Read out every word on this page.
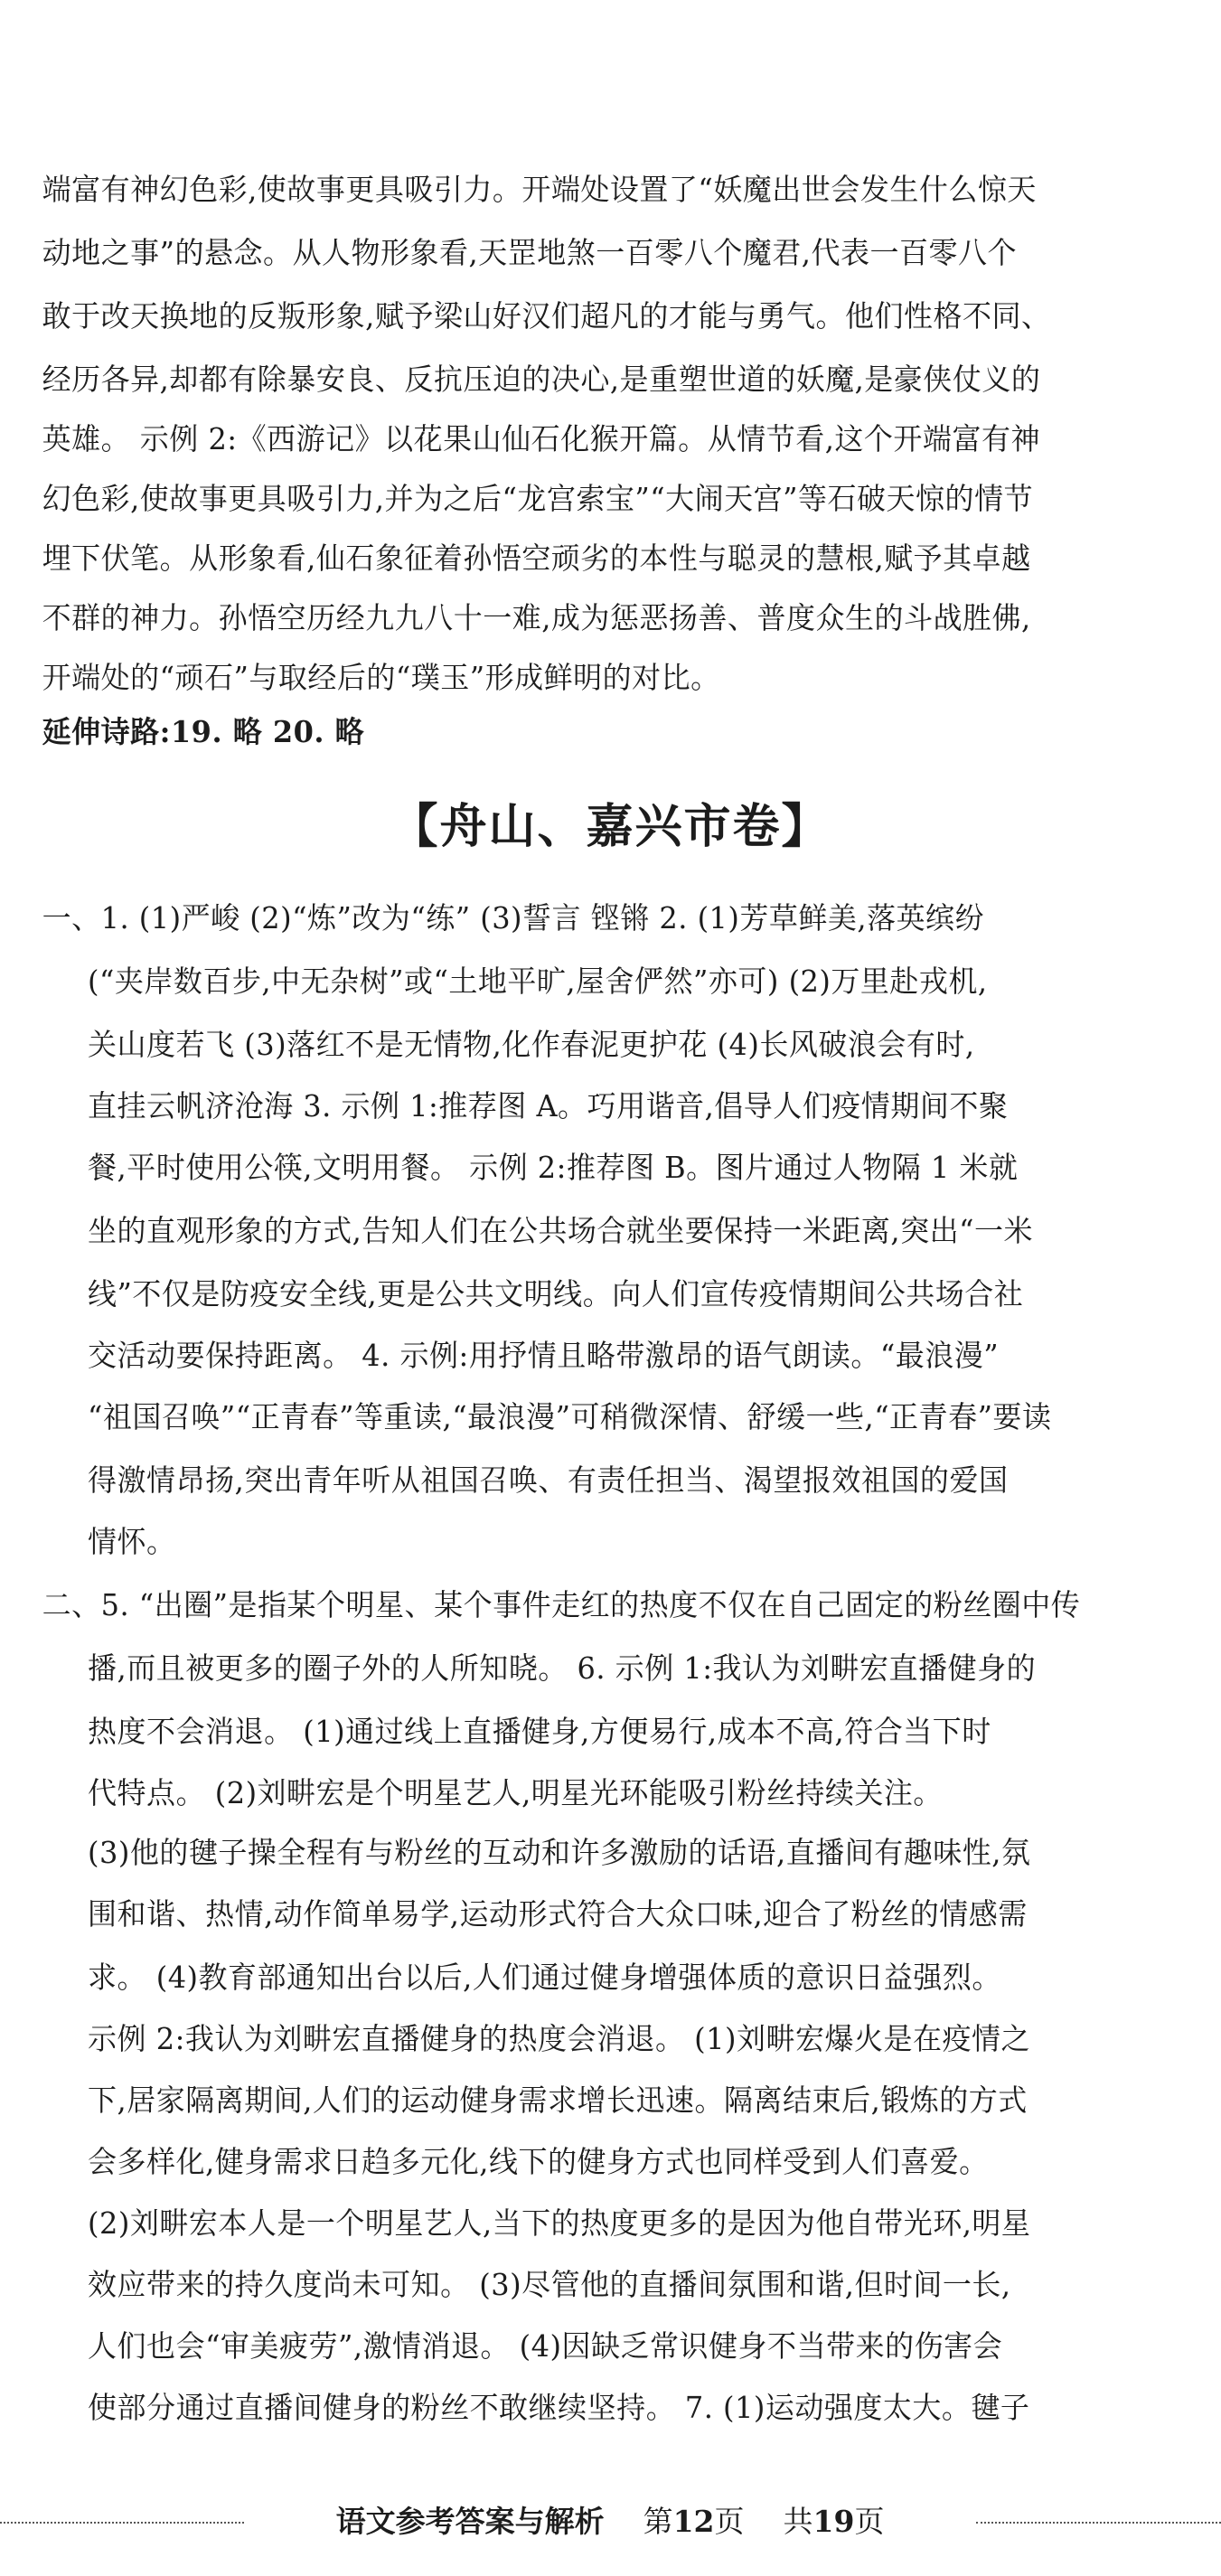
端富有神幻色彩,使故事更具吸引力。开端处设置了“妖魔出世会发生什么惊天
动地之事”的悬念。从人物形象看,天罡地煞一百零八个魔君,代表一百零八个
敢于改天换地的反叛形象,赋予梁山好汉们超凡的才能与勇气。他们性格不同、
经历各异,却都有除暴安良、反抗压迫的决心,是重塑世道的妖魔,是豪侠仗义的
英雄。 示例 2:《西游记》以花果山仙石化猴开篇。从情节看,这个开端富有神
幻色彩,使故事更具吸引力,并为之后“龙宫索宝”“大闹天宫”等石破天惊的情节
埋下伏笔。从形象看,仙石象征着孙悟空顽劣的本性与聪灵的慧根,赋予其卓越
不群的神力。孙悟空历经九九八十一难,成为惩恶扬善、普度众生的斗战胜佛,
开端处的“顽石”与取经后的“璞玉”形成鲜明的对比。
延伸诗路:19. 略 20. 略
【舟山、嘉兴市卷】
一、1. (1)严峻 (2)“炼”改为“练” (3)誓言 铿锵 2. (1)芳草鲜美,落英缤纷
(“夹岸数百步,中无杂树”或“土地平旷,屋舍俨然”亦可) (2)万里赴戎机,
关山度若飞 (3)落红不是无情物,化作春泥更护花 (4)长风破浪会有时,
直挂云帆济沧海 3. 示例 1:推荐图 A。巧用谐音,倡导人们疫情期间不聚
餐,平时使用公筷,文明用餐。 示例 2:推荐图 B。图片通过人物隔 1 米就
坐的直观形象的方式,告知人们在公共场合就坐要保持一米距离,突出“一米
线”不仅是防疫安全线,更是公共文明线。向人们宣传疫情期间公共场合社
交活动要保持距离。 4. 示例:用抒情且略带激昂的语气朗读。“最浪漫”
“祖国召唤”“正青春”等重读,“最浪漫”可稍微深情、舒缓一些,“正青春”要读
得激情昂扬,突出青年听从祖国召唤、有责任担当、渴望报效祖国的爱国
情怀。
二、5. “出圈”是指某个明星、某个事件走红的热度不仅在自己固定的粉丝圈中传
播,而且被更多的圈子外的人所知晓。 6. 示例 1:我认为刘畊宏直播健身的
热度不会消退。 (1)通过线上直播健身,方便易行,成本不高,符合当下时
代特点。 (2)刘畊宏是个明星艺人,明星光环能吸引粉丝持续关注。
(3)他的毽子操全程有与粉丝的互动和许多激励的话语,直播间有趣味性,氛
围和谐、热情,动作简单易学,运动形式符合大众口味,迎合了粉丝的情感需
求。 (4)教育部通知出台以后,人们通过健身增强体质的意识日益强烈。
示例 2:我认为刘畊宏直播健身的热度会消退。 (1)刘畊宏爆火是在疫情之
下,居家隔离期间,人们的运动健身需求增长迅速。隔离结束后,锻炼的方式
会多样化,健身需求日趋多元化,线下的健身方式也同样受到人们喜爱。
(2)刘畊宏本人是一个明星艺人,当下的热度更多的是因为他自带光环,明星
效应带来的持久度尚未可知。 (3)尽管他的直播间氛围和谐,但时间一长,
人们也会“审美疲劳”,激情消退。 (4)因缺乏常识健身不当带来的伤害会
使部分通过直播间健身的粉丝不敢继续坚持。 7. (1)运动强度太大。毽子
语文参考答案与解析 第12页 共19页
